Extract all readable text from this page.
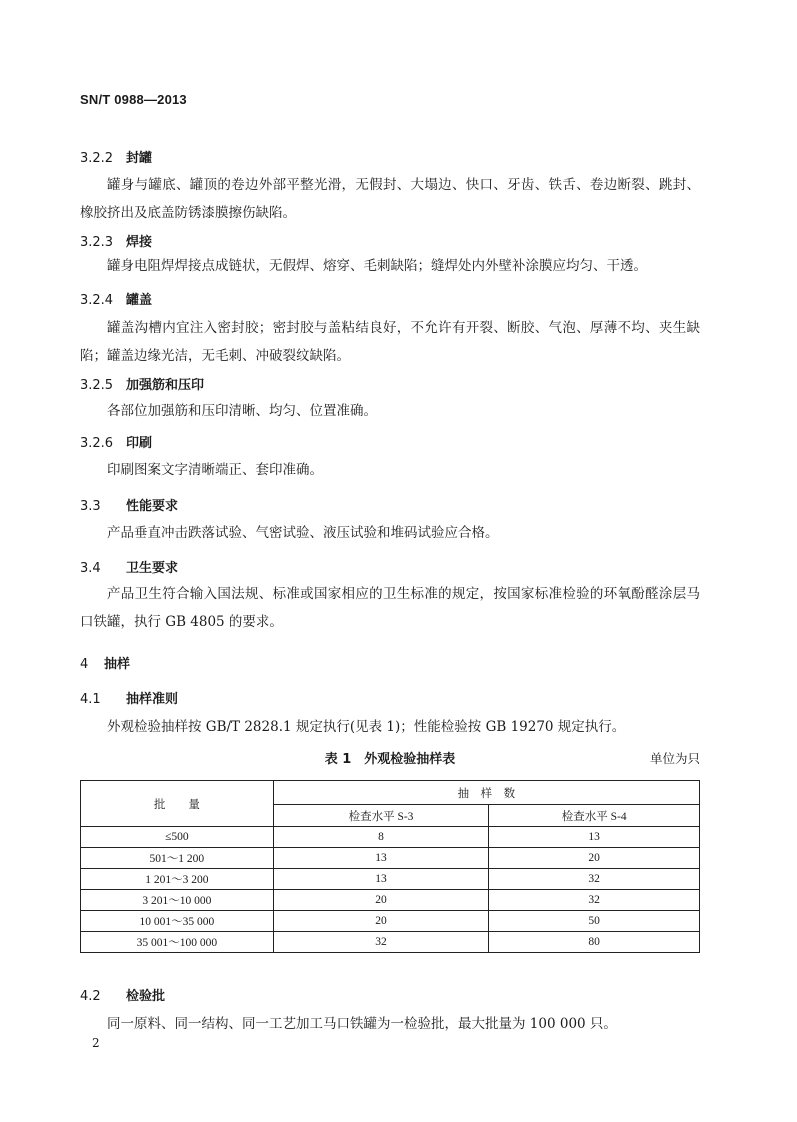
SN/T 0988—2013
3.2.2 封罐
罐身与罐底、罐顶的卷边外部平整光滑，无假封、大塌边、快口、牙齿、铁舌、卷边断裂、跳封、橡胶挤出及底盖防锈漆膜擦伤缺陷。
3.2.3 焊接
罐身电阻焊焊接点成链状，无假焊、熔穿、毛刺缺陷；缝焊处内外壁补涂膜应均匀、干透。
3.2.4 罐盖
罐盖沟槽内宜注入密封胶；密封胶与盖粘结良好，不允许有开裂、断胶、气泡、厚薄不均、夹生缺陷；罐盖边缘光洁，无毛刺、冲破裂纹缺陷。
3.2.5 加强筋和压印
各部位加强筋和压印清晰、均匀、位置准确。
3.2.6 印刷
印刷图案文字清晰端正、套印准确。
3.3 性能要求
产品垂直冲击跌落试验、气密试验、液压试验和堆码试验应合格。
3.4 卫生要求
产品卫生符合输入国法规、标准或国家相应的卫生标准的规定，按国家标准检验的环氧酚醛涂层马口铁罐，执行 GB 4805 的要求。
4 抽样
4.1 抽样准则
外观检验抽样按 GB/T 2828.1 规定执行(见表 1)；性能检验按 GB 19270 规定执行。
表 1　外观检验抽样表	单位为只
批　　量	抽　样　数	
	检查水平 S-3	检查水平 S-4
≤500	8	13
501～1 200	13	20
1 201～3 200	13	32
3 201～10 000	20	32
10 001～35 000	20	50
35 001～100 000	32	80
4.2 检验批
同一原料、同一结构、同一工艺加工马口铁罐为一检验批，最大批量为 100 000 只。
2
